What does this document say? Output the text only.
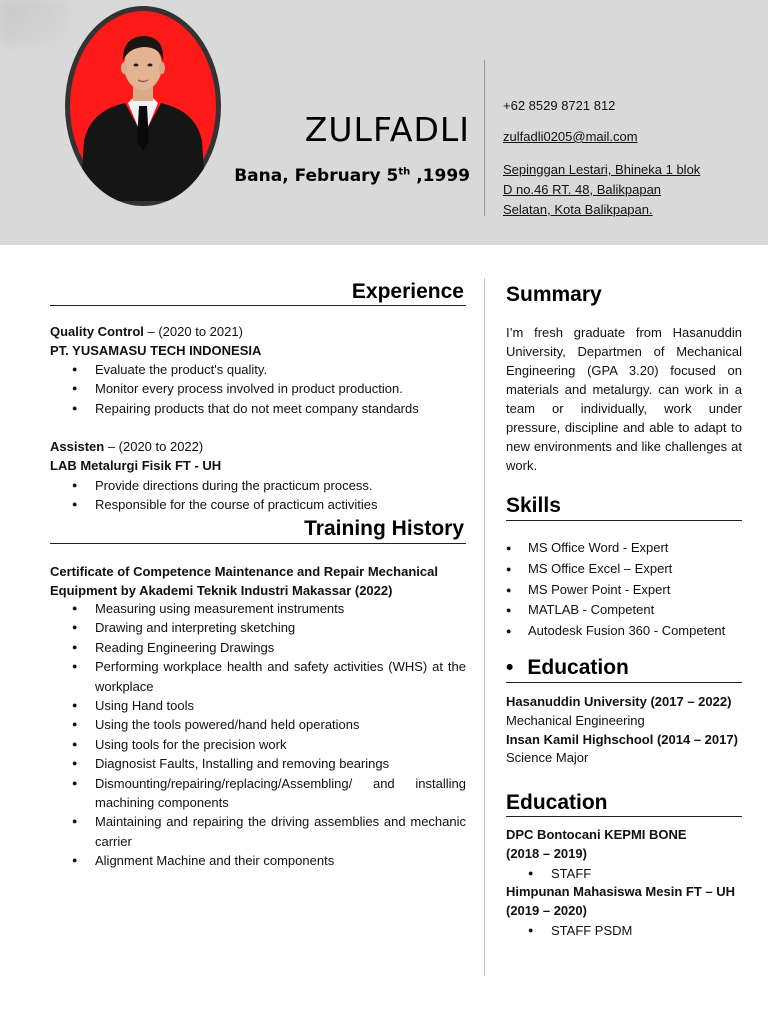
ZULFADLI
Bana, February 5th ,1999
+62 8529 8721 812
zulfadli0205@mail.com
Sepinggan Lestari, Bhineka 1 blok
D no.46 RT. 48, Balikpapan
Selatan, Kota Balikpapan.
Experience
Quality Control – (2020 to 2021)
PT. YUSAMASU TECH INDONESIA
● Evaluate the product's quality.
● Monitor every process involved in product production.
● Repairing products that do not meet company standards
Assisten – (2020 to 2022)
LAB Metalurgi Fisik FT - UH
● Provide directions during the practicum process.
● Responsible for the course of practicum activities
Training History
Certificate of Competence Maintenance and Repair Mechanical Equipment by Akademi Teknik Industri Makassar (2022)
● Measuring using measurement instruments
● Drawing and interpreting sketching
● Reading Engineering Drawings
● Performing workplace health and safety activities (WHS) at the workplace
● Using Hand tools
● Using the tools powered/hand held operations
● Using tools for the precision work
● Diagnosist Faults, Installing and removing bearings
● Dismounting/repairing/replacing/Assembling/ and installing machining components
● Maintaining and repairing the driving assemblies and mechanic carrier
● Alignment Machine and their components
Summary
I’m fresh graduate from Hasanuddin University, Departmen of Mechanical Engineering (GPA 3.20) focused on materials and metalurgy. can work in a team or individually, work under pressure, discipline and able to adapt to new environments and like challenges at work.
Skills
● MS Office Word - Expert
● MS Office Excel – Expert
● MS Power Point - Expert
● MATLAB - Competent
● Autodesk Fusion 360 - Competent
• Education
Hasanuddin University (2017 – 2022)
Mechanical Engineering
Insan Kamil Highschool (2014 – 2017)
Science Major
Education
DPC Bontocani KEPMI BONE
(2018 – 2019)
● STAFF
Himpunan Mahasiswa Mesin FT – UH
(2019 – 2020)
● STAFF PSDM
